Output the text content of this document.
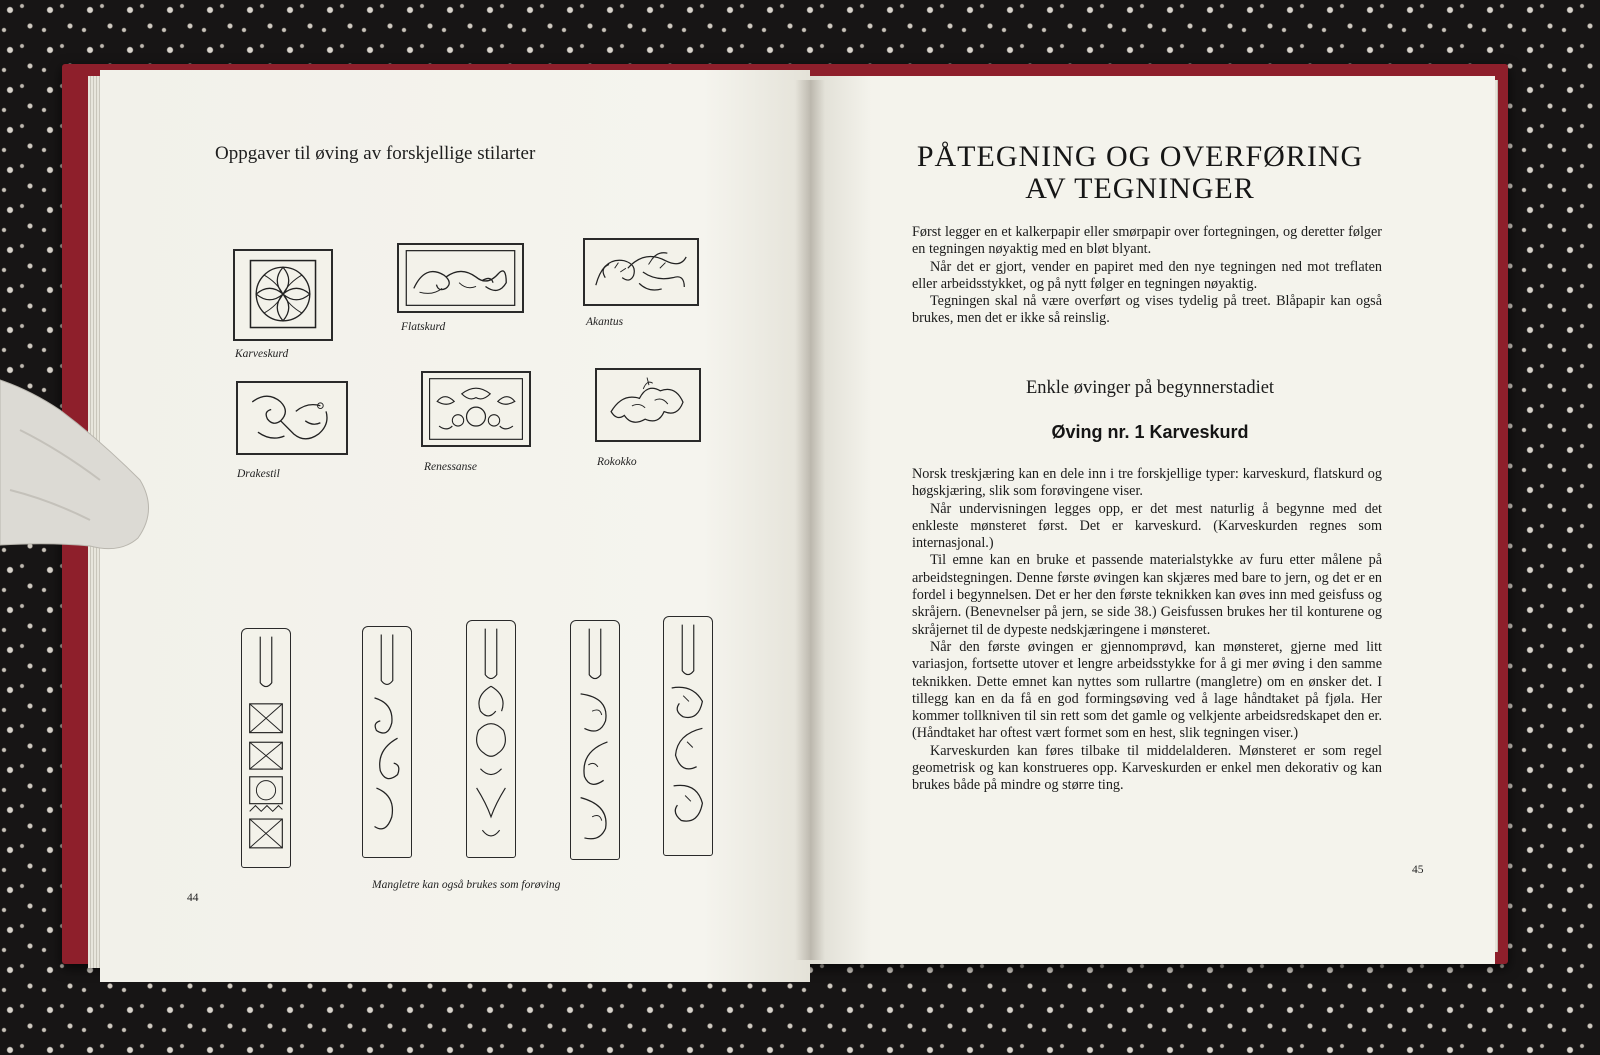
Oppgaver til øving av forskjellige stilarter
Karveskurd
Flatskurd	Akantus
Drakestil
Renessanse	Rokokko
Mangletre kan også brukes som forøving
44
PÅTEGNING OG OVERFØRING
AV TEGNINGER

Først legger en et kalkerpapir eller smørpapir over fortegningen, og deretter følger en tegningen nøyaktig med en bløt blyant.

Når det er gjort, vender en papiret med den nye tegningen ned mot treflaten eller arbeidsstykket, og på nytt følger en tegningen nøyaktig.

Tegningen skal nå være overført og vises tydelig på treet. Blåpapir kan også brukes, men det er ikke så reinslig.

Enkle øvinger på begynnerstadiet
Øving nr. 1 Karveskurd

Norsk treskjæring kan en dele inn i tre forskjellige typer: karveskurd, flatskurd og høgskjæring, slik som forøvingene viser.

Når undervisningen legges opp, er det mest naturlig å begynne med det enkleste mønsteret først. Det er karveskurd. (Karveskurden regnes som internasjonal.)

Til emne kan en bruke et passende materialstykke av furu etter målene på arbeidstegningen. Denne første øvingen kan skjæres med bare to jern, og det er en fordel i begynnelsen. Det er her den første teknikken kan øves inn med geisfuss og skråjern. (Benevnelser på jern, se side 38.) Geisfussen brukes her til konturene og skråjernet til de dypeste nedskjæringene i mønsteret.

Når den første øvingen er gjennomprøvd, kan mønsteret, gjerne med litt variasjon, fortsette utover et lengre arbeidsstykke for å gi mer øving i den samme teknikken. Dette emnet kan nyttes som rullartre (mangletre) om en ønsker det. I tillegg kan en da få en god formingsøving ved å lage håndtaket på fjøla. Her kommer tollkniven til sin rett som det gamle og velkjente arbeidsredskapet den er. (Håndtaket har oftest vært formet som en hest, slik tegningen viser.)

Karveskurden kan føres tilbake til middelalderen. Mønsteret er som regel geometrisk og kan konstrueres opp. Karveskurden er enkel men dekorativ og kan brukes både på mindre og større ting.

45
